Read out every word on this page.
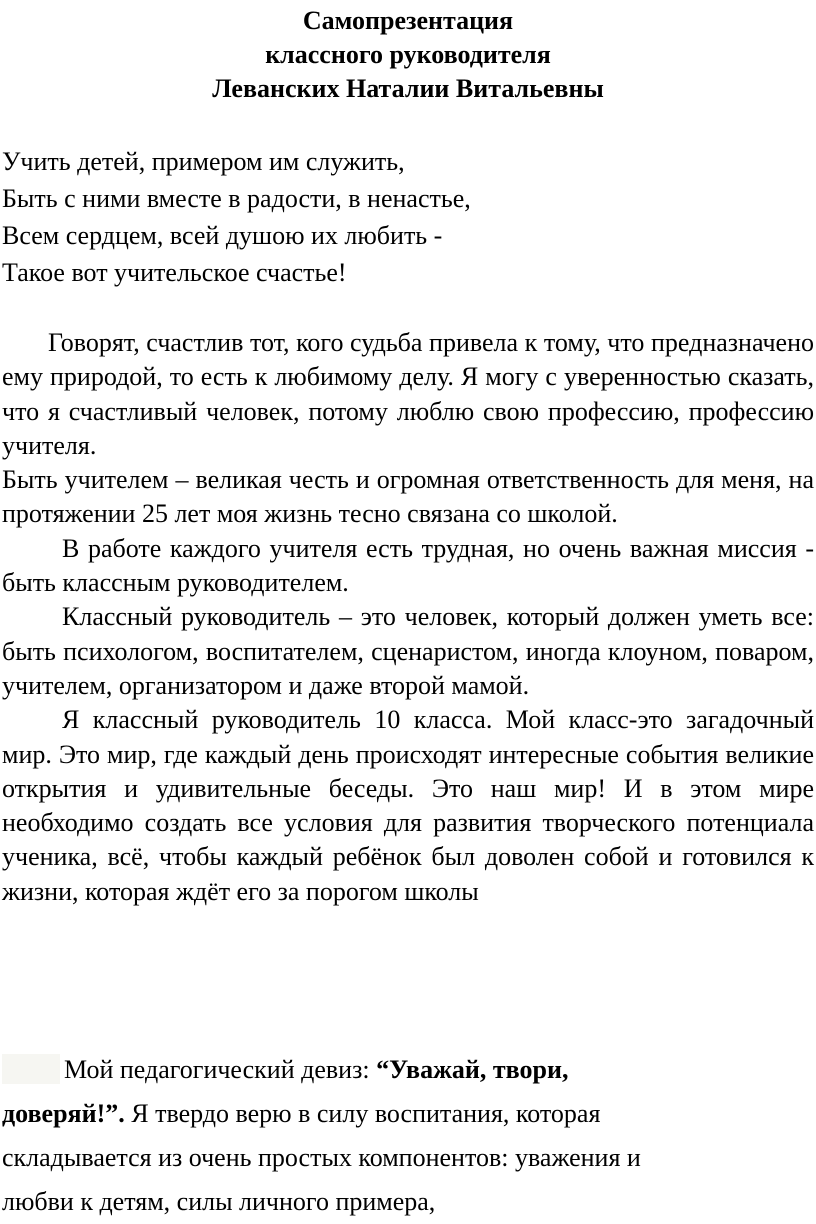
Самопрезентация
классного руководителя
Леванских Наталии Витальевны
Учить детей, примером им служить,
Быть с ними вместе в радости, в ненастье,
Всем сердцем, всей душою их любить -
Такое вот учительское счастье!

Говорят, счастлив тот, кого судьба привела к тому, что предназначено ему природой, то есть к любимому делу. Я могу с уверенностью сказать, что я счастливый человек, потому люблю свою профессию, профессию учителя.

Быть учителем – великая честь и огромная ответственность для меня, на протяжении 25 лет моя жизнь тесно связана со школой.

В работе каждого учителя есть трудная, но очень важная миссия - быть классным руководителем.

Классный руководитель – это человек, который должен уметь все: быть психологом, воспитателем, сценаристом, иногда клоуном, поваром, учителем, организатором и даже второй мамой.

Я классный руководитель 10 класса. Мой класс-это загадочный мир. Это мир, где каждый день происходят интересные события великие открытия и удивительные беседы. Это наш мир! И в этом мире необходимо создать все условия для развития творческого потенциала ученика, всё, чтобы каждый ребёнок был доволен собой и готовился к жизни, которая ждёт его за порогом школы

Мой педагогический девиз: “Уважай, твори,
доверяй!”. Я твердо верю в силу воспитания, которая
складывается из очень простых компонентов: уважения и
любви к детям, силы личного примера,
